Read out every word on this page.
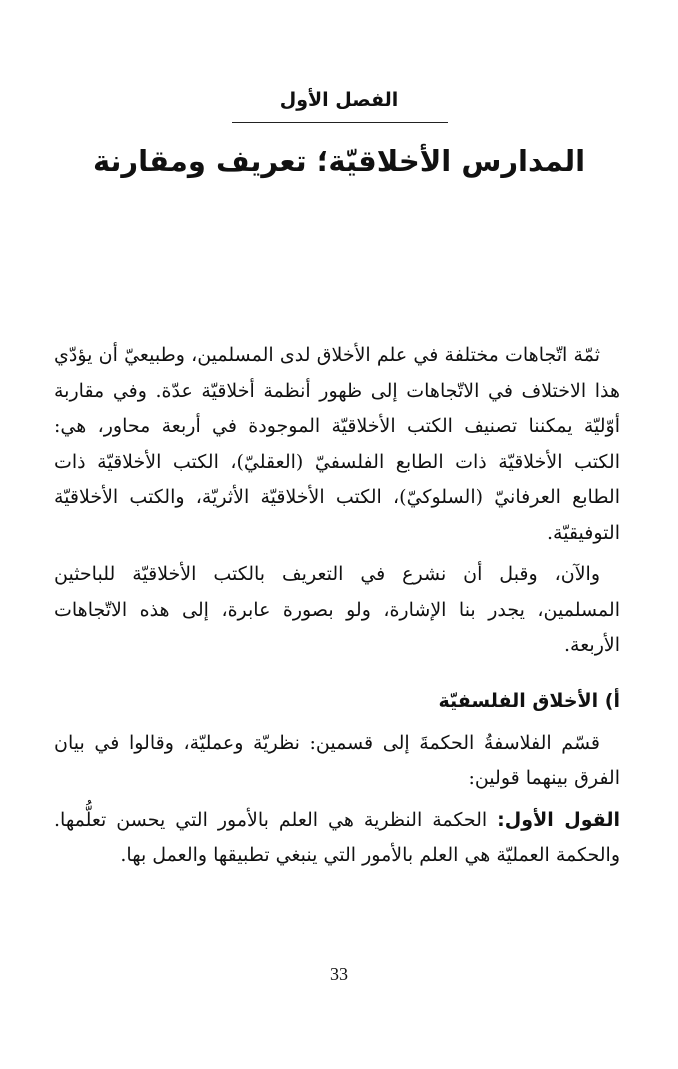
الفصل الأول
المدارس الأخلاقيّة؛ تعريف ومقارنة

ثمّة اتّجاهات مختلفة في علم الأخلاق لدى المسلمين، وطبيعيّ أن يؤدّي هذا الاختلاف في الاتّجاهات إلى ظهور أنظمة أخلاقيّة عدّة. وفي مقاربة أوّليّة يمكننا تصنيف الكتب الأخلاقيّة الموجودة في أربعة محاور، هي: الكتب الأخلاقيّة ذات الطابع الفلسفيّ (العقليّ)، الكتب الأخلاقيّة ذات الطابع العرفانيّ (السلوكيّ)، الكتب الأخلاقيّة الأثريّة، والكتب الأخلاقيّة التوفيقيّة.

والآن، وقبل أن نشرع في التعريف بالكتب الأخلاقيّة للباحثين المسلمين، يجدر بنا الإشارة، ولو بصورة عابرة، إلى هذه الاتّجاهات الأربعة.

أ) الأخلاق الفلسفيّة

قسّم الفلاسفةُ الحكمةَ إلى قسمين: نظريّة وعمليّة، وقالوا في بيان الفرق بينهما قولين:

القول الأول: الحكمة النظرية هي العلم بالأمور التي يحسن تعلُّمها. والحكمة العمليّة هي العلم بالأمور التي ينبغي تطبيقها والعمل بها.

33
